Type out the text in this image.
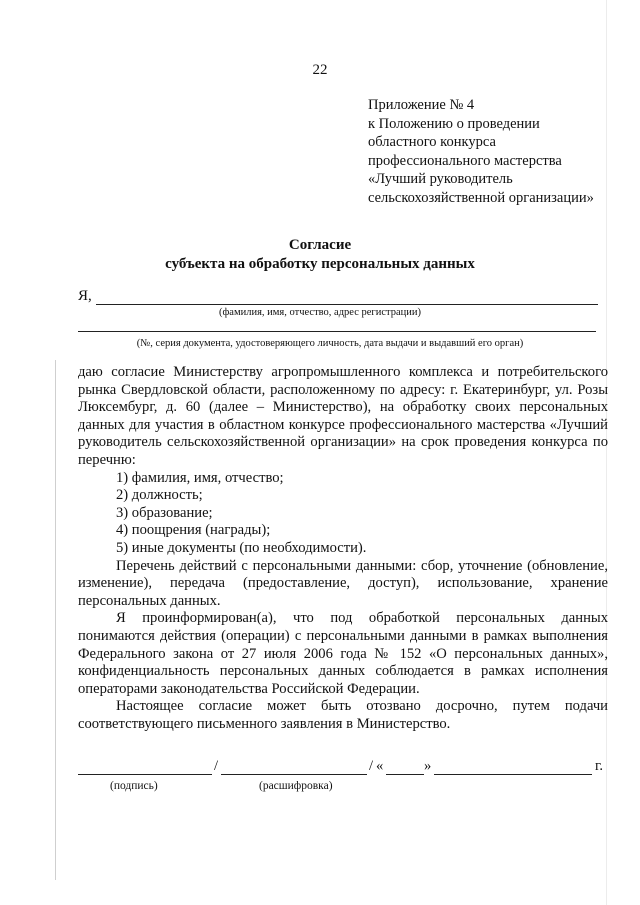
22
Приложение № 4
к Положению о проведении
областного конкурса
профессионального мастерства
«Лучший руководитель
сельскохозяйственной организации»
Согласие
субъекта на обработку персональных данных
Я,
(фамилия, имя, отчество, адрес регистрации)
(№, серия документа, удостоверяющего личность, дата выдачи и выдавший его орган)

даю согласие Министерству агропромышленного комплекса и потребительского рынка Свердловской области, расположенному по адресу: г. Екатеринбург, ул. Розы Люксембург, д. 60 (далее – Министерство), на обработку своих персональных данных для участия в областном конкурсе профессионального мастерства «Лучший руководитель сельскохозяйственной организации» на срок проведения конкурса по перечню:

1) фамилия, имя, отчество;

2) должность;

3) образование;

4) поощрения (награды);

5) иные документы (по необходимости).

Перечень действий с персональными данными: сбор, уточнение (обновление, изменение), передача (предоставление, доступ), использование, хранение персональных данных.

Я проинформирован(а), что под обработкой персональных данных понимаются действия (операции) с персональными данными в рамках выполнения Федерального закона от 27 июля 2006 года № 152 «О персональных данных», конфиденциальность персональных данных соблюдается в рамках исполнения операторами законодательства Российской Федерации.

Настоящее согласие может быть отозвано досрочно, путем подачи соответствующего письменного заявления в Министерство.

/	/ «	»	г.
(подпись)	(расшифровка)
